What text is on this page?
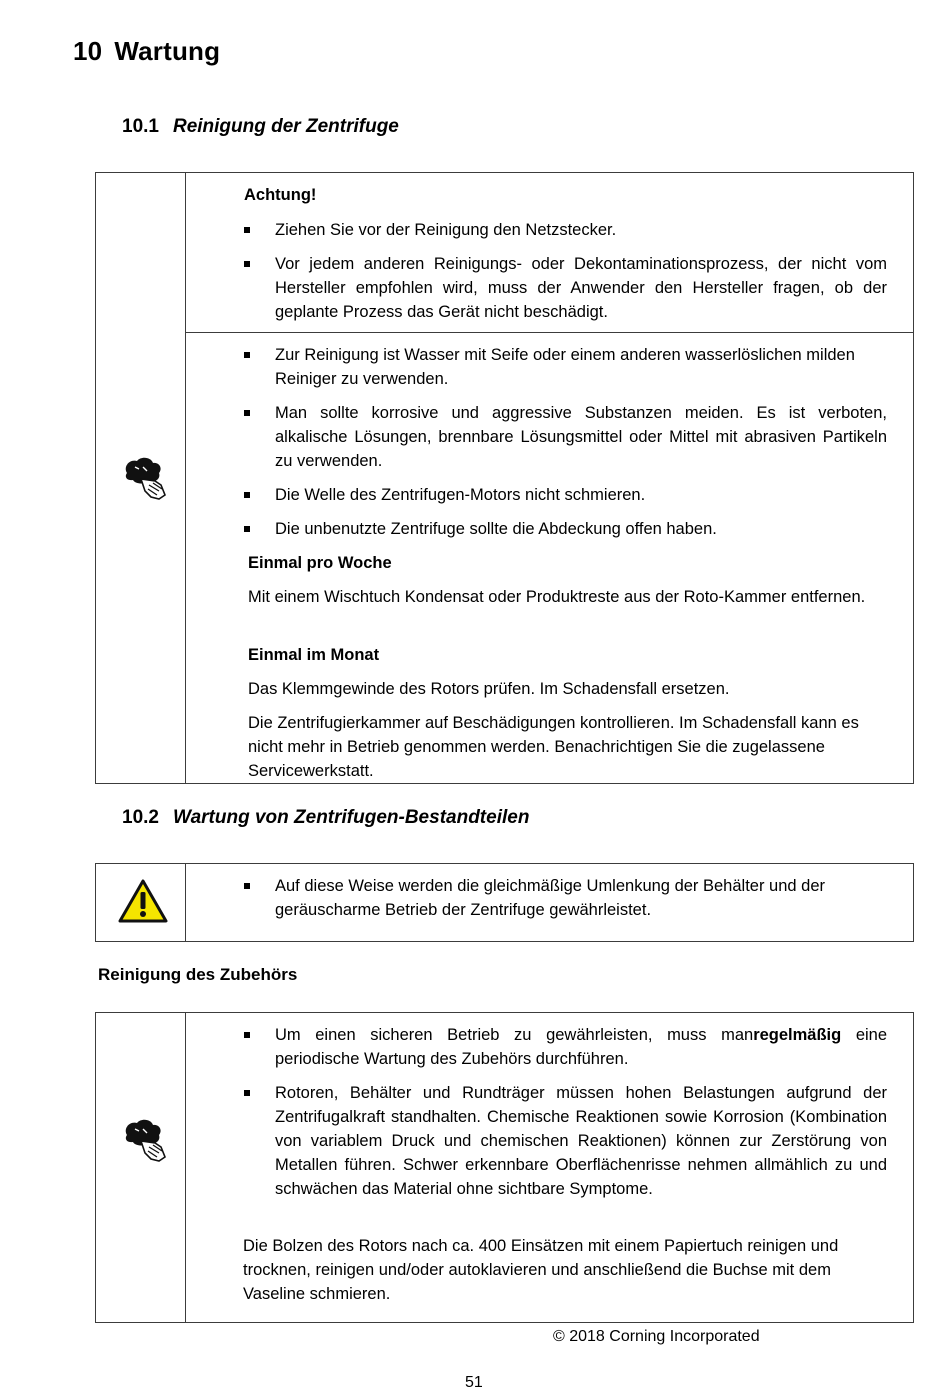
10 Wartung
10.1 Reinigung der Zentrifuge
Achtung!
Ziehen Sie vor der Reinigung den Netzstecker.
Vor jedem anderen Reinigungs- oder Dekontaminationsprozess, der nicht vom Hersteller empfohlen wird, muss der Anwender den Hersteller fragen, ob der geplante Prozess das Gerät nicht beschädigt.
Zur Reinigung ist Wasser mit Seife oder einem anderen wasserlöslichen milden Reiniger zu verwenden.
Man sollte korrosive und aggressive Substanzen meiden. Es ist verboten, alkalische Lösungen, brennbare Lösungsmittel oder Mittel mit abrasiven Partikeln zu verwenden.
Die Welle des Zentrifugen-Motors nicht schmieren.
Die unbenutzte Zentrifuge sollte die Abdeckung offen haben.
Einmal pro Woche
Mit einem Wischtuch Kondensat oder Produktreste aus der Roto-Kammer entfernen.
Einmal im Monat
Das Klemmgewinde des Rotors prüfen. Im Schadensfall ersetzen.
Die Zentrifugierkammer auf Beschädigungen kontrollieren. Im Schadensfall kann es nicht mehr in Betrieb genommen werden. Benachrichtigen Sie die zugelassene Servicewerkstatt.
10.2 Wartung von Zentrifugen-Bestandteilen
Auf diese Weise werden die gleichmäßige Umlenkung der Behälter und der geräuscharme Betrieb der Zentrifuge gewährleistet.
Reinigung des Zubehörs
Um einen sicheren Betrieb zu gewährleisten, muss manregelmäßig eine periodische Wartung des Zubehörs durchführen.
Rotoren, Behälter und Rundträger müssen hohen Belastungen aufgrund der Zentrifugalkraft standhalten. Chemische Reaktionen sowie Korrosion (Kombination von variablem Druck und chemischen Reaktionen) können zur Zerstörung von Metallen führen. Schwer erkennbare Oberflächenrisse nehmen allmählich zu und schwächen das Material ohne sichtbare Symptome.
Die Bolzen des Rotors nach ca. 400 Einsätzen mit einem Papiertuch reinigen und trocknen, reinigen und/oder autoklavieren und anschließend die Buchse mit dem Vaseline schmieren.
© 2018 Corning Incorporated
51
